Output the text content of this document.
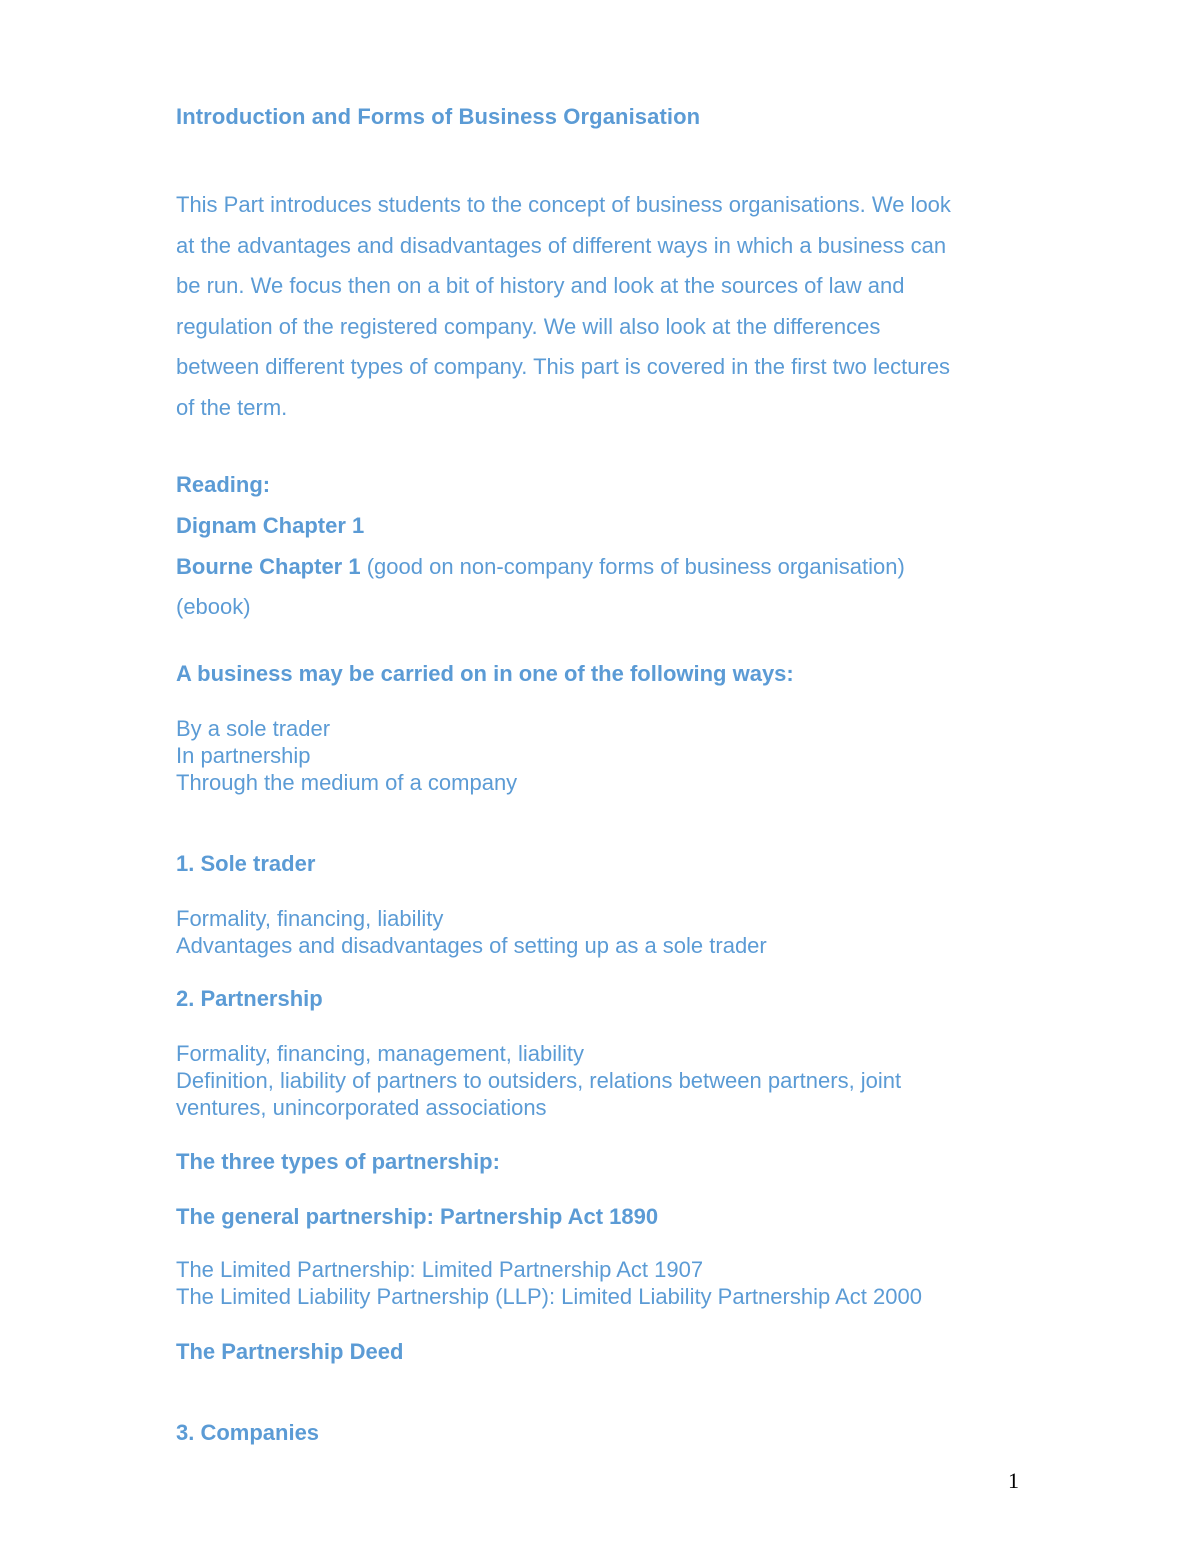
Introduction and Forms of Business Organisation

This Part introduces students to the concept of business organisations. We look
at the advantages and disadvantages of different ways in which a business can
be run. We focus then on a bit of history and look at the sources of law and
regulation of the registered company. We will also look at the differences
between different types of company. This part is covered in the first two lectures
of the term.

Reading:

Dignam Chapter 1

Bourne Chapter 1 (good on non-company forms of business organisation)

(ebook)

A business may be carried on in one of the following ways:

By a sole trader
In partnership
Through the medium of a company

1. Sole trader

Formality, financing, liability
Advantages and disadvantages of setting up as a sole trader

2. Partnership

Formality, financing, management, liability
Definition, liability of partners to outsiders, relations between partners, joint
ventures, unincorporated associations

The three types of partnership:

The general partnership: Partnership Act 1890

The Limited Partnership: Limited Partnership Act 1907
The Limited Liability Partnership (LLP): Limited Liability Partnership Act 2000

The Partnership Deed

3. Companies

1
